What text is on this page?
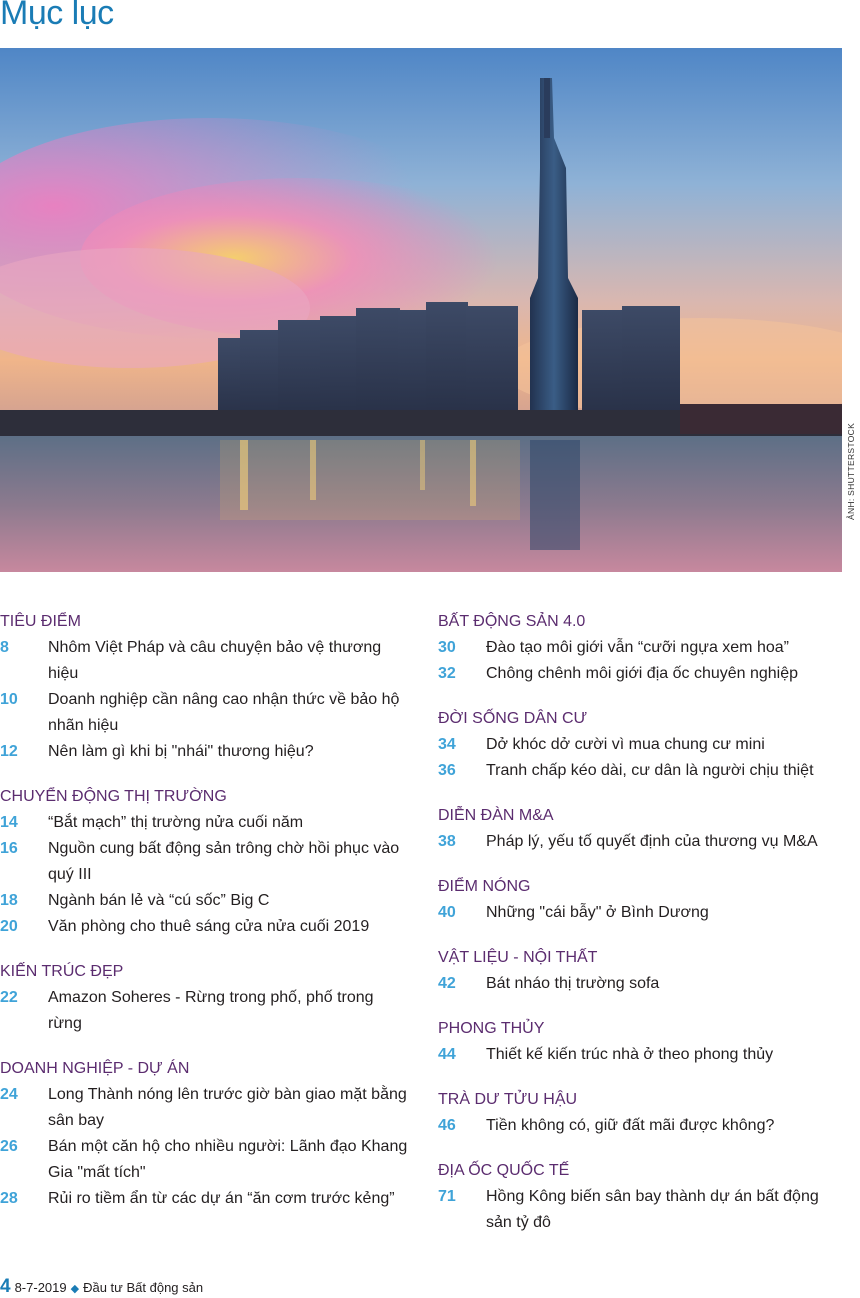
Mục lục
ẢNH: SHUTTERSTOCK
TIÊU ĐIỂM
8	Nhôm Việt Pháp và câu chuyện bảo vệ thương hiệu
10	Doanh nghiệp cần nâng cao nhận thức về bảo hộ nhãn hiệu
12	Nên làm gì khi bị "nhái" thương hiệu?
CHUYỂN ĐỘNG THỊ TRƯỜNG
14	“Bắt mạch” thị trường nửa cuối năm
16	Nguồn cung bất động sản trông chờ hồi phục vào quý III
18	Ngành bán lẻ và “cú sốc” Big C
20	Văn phòng cho thuê sáng cửa nửa cuối 2019
KIẾN TRÚC ĐẸP
22	Amazon Soheres - Rừng trong phố, phố trong rừng
DOANH NGHIỆP - DỰ ÁN
24	Long Thành nóng lên trước giờ bàn giao mặt bằng sân bay
26	Bán một căn hộ cho nhiều người: Lãnh đạo Khang Gia "mất tích"
28	Rủi ro tiềm ẩn từ các dự án “ăn cơm trước kẻng”
BẤT ĐỘNG SẢN 4.0
30	Đào tạo môi giới vẫn “cưỡi ngựa xem hoa”
32	Chông chênh môi giới địa ốc chuyên nghiệp
ĐỜI SỐNG DÂN CƯ
34	Dở khóc dở cười vì mua chung cư mini
36	Tranh chấp kéo dài, cư dân là người chịu thiệt
DIỄN ĐÀN M&A
38	Pháp lý, yếu tố quyết định của thương vụ M&A
ĐIỂM NÓNG
40	Những "cái bẫy" ở Bình Dương
VẬT LIỆU - NỘI THẤT
42	Bát nháo thị trường sofa
PHONG THỦY
44	Thiết kế kiến trúc nhà ở theo phong thủy
TRÀ DƯ TỬU HẬU
46	Tiền không có, giữ đất mãi được không?
ĐỊA ỐC QUỐC TẾ
71	Hồng Kông biến sân bay thành dự án bất động sản tỷ đô
4 8-7-2019 ◆ Đầu tư Bất động sản
